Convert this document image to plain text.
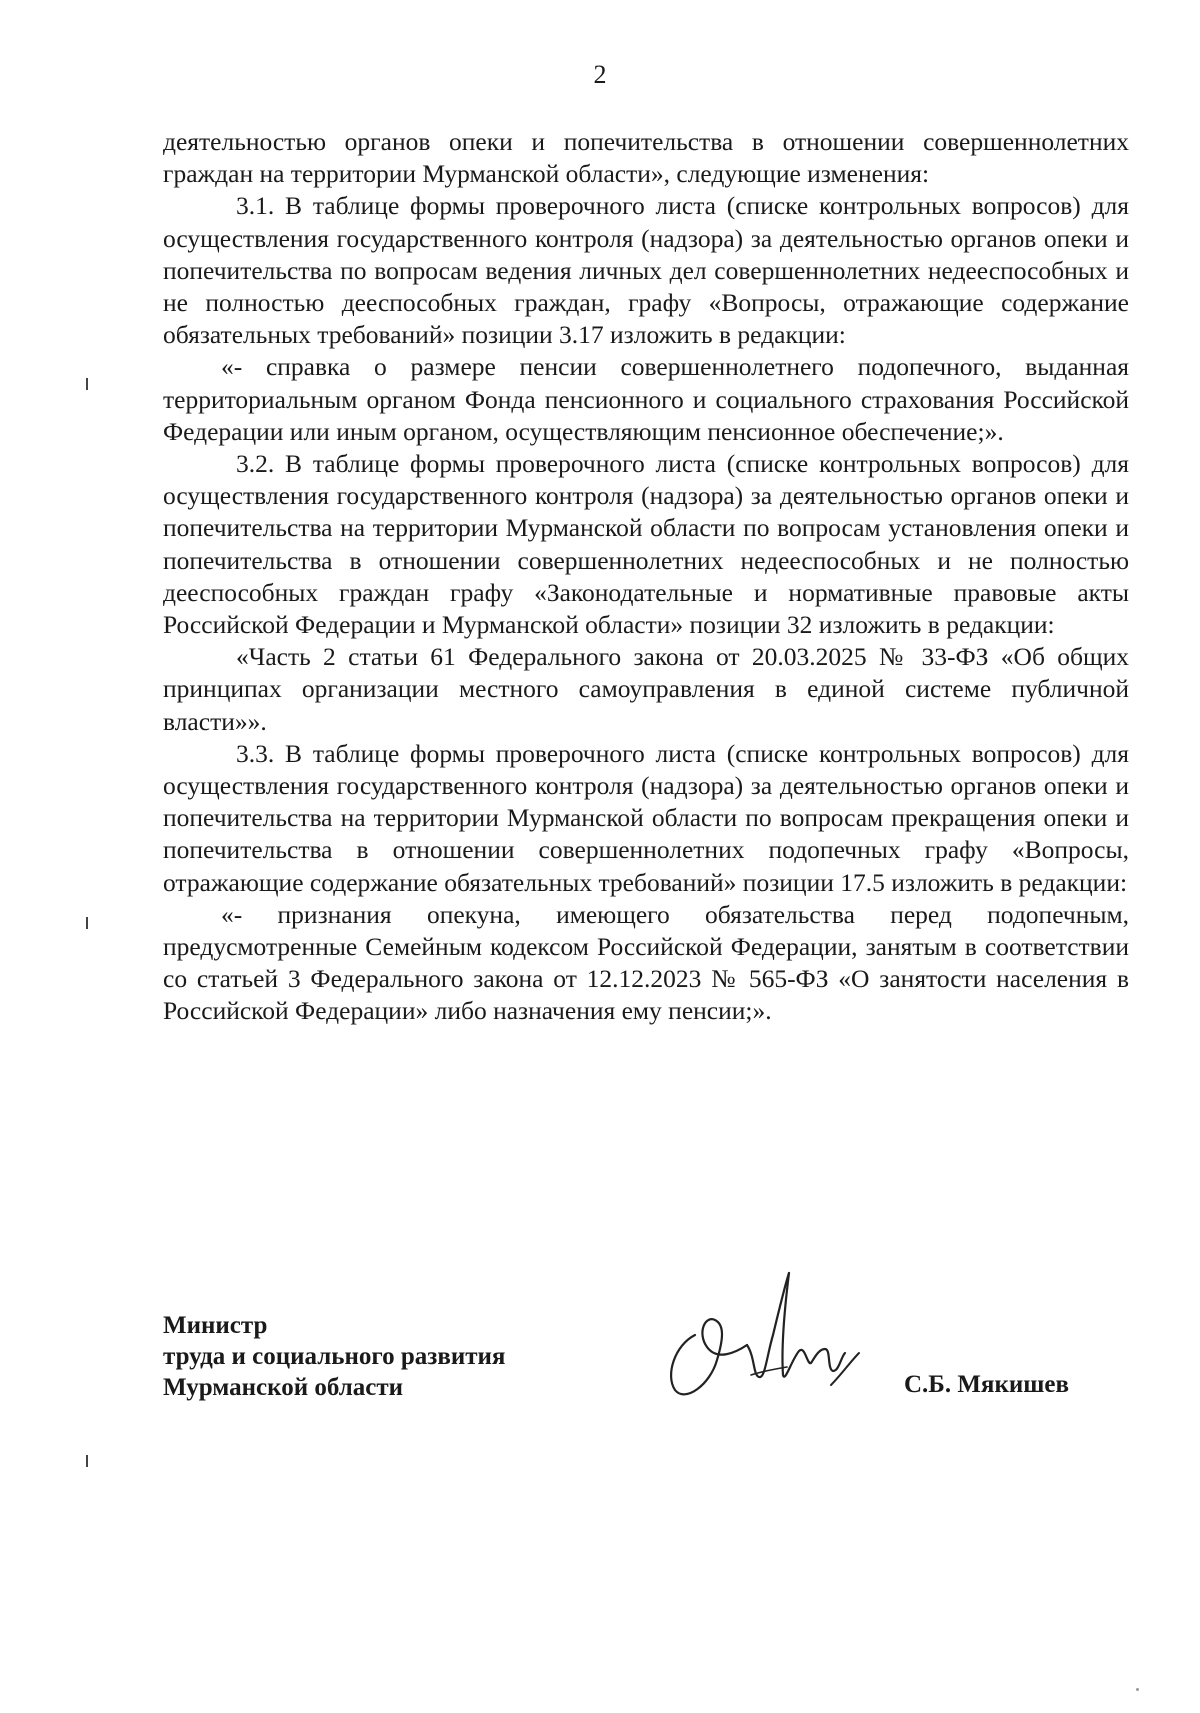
2

деятельностью органов опеки и попечительства в отношении совершеннолетних граждан на территории Мурманской области», следующие изменения:

3.1. В таблице формы проверочного листа (списке контрольных вопросов) для осуществления государственного контроля (надзора) за деятельностью органов опеки и попечительства по вопросам ведения личных дел совершеннолетних недееспособных и не полностью дееспособных граждан, графу «Вопросы, отражающие содержание обязательных требований» позиции 3.17 изложить в редакции:

«- справка о размере пенсии совершеннолетнего подопечного, выданная территориальным органом Фонда пенсионного и социального страхования Российской Федерации или иным органом, осуществляющим пенсионное обеспечение;».

3.2. В таблице формы проверочного листа (списке контрольных вопросов) для осуществления государственного контроля (надзора) за деятельностью органов опеки и попечительства на территории Мурманской области по вопросам установления опеки и попечительства в отношении совершеннолетних недееспособных и не полностью дееспособных граждан графу «Законодательные и нормативные правовые акты Российской Федерации и Мурманской области» позиции 32 изложить в редакции:

«Часть 2 статьи 61 Федерального закона от 20.03.2025 № 33-ФЗ «Об общих принципах организации местного самоуправления в единой системе публичной власти»».

3.3. В таблице формы проверочного листа (списке контрольных вопросов) для осуществления государственного контроля (надзора) за деятельностью органов опеки и попечительства на территории Мурманской области по вопросам прекращения опеки и попечительства в отношении совершеннолетних подопечных графу «Вопросы, отражающие содержание обязательных требований» позиции 17.5 изложить в редакции:

«- признания опекуна, имеющего обязательства перед подопечным, предусмотренные Семейным кодексом Российской Федерации, занятым в соответствии со статьей 3 Федерального закона от 12.12.2023 № 565-ФЗ «О занятости населения в Российской Федерации» либо назначения ему пенсии;».

Министр
труда и социального развития
Мурманской области	С.Б. Мякишев
